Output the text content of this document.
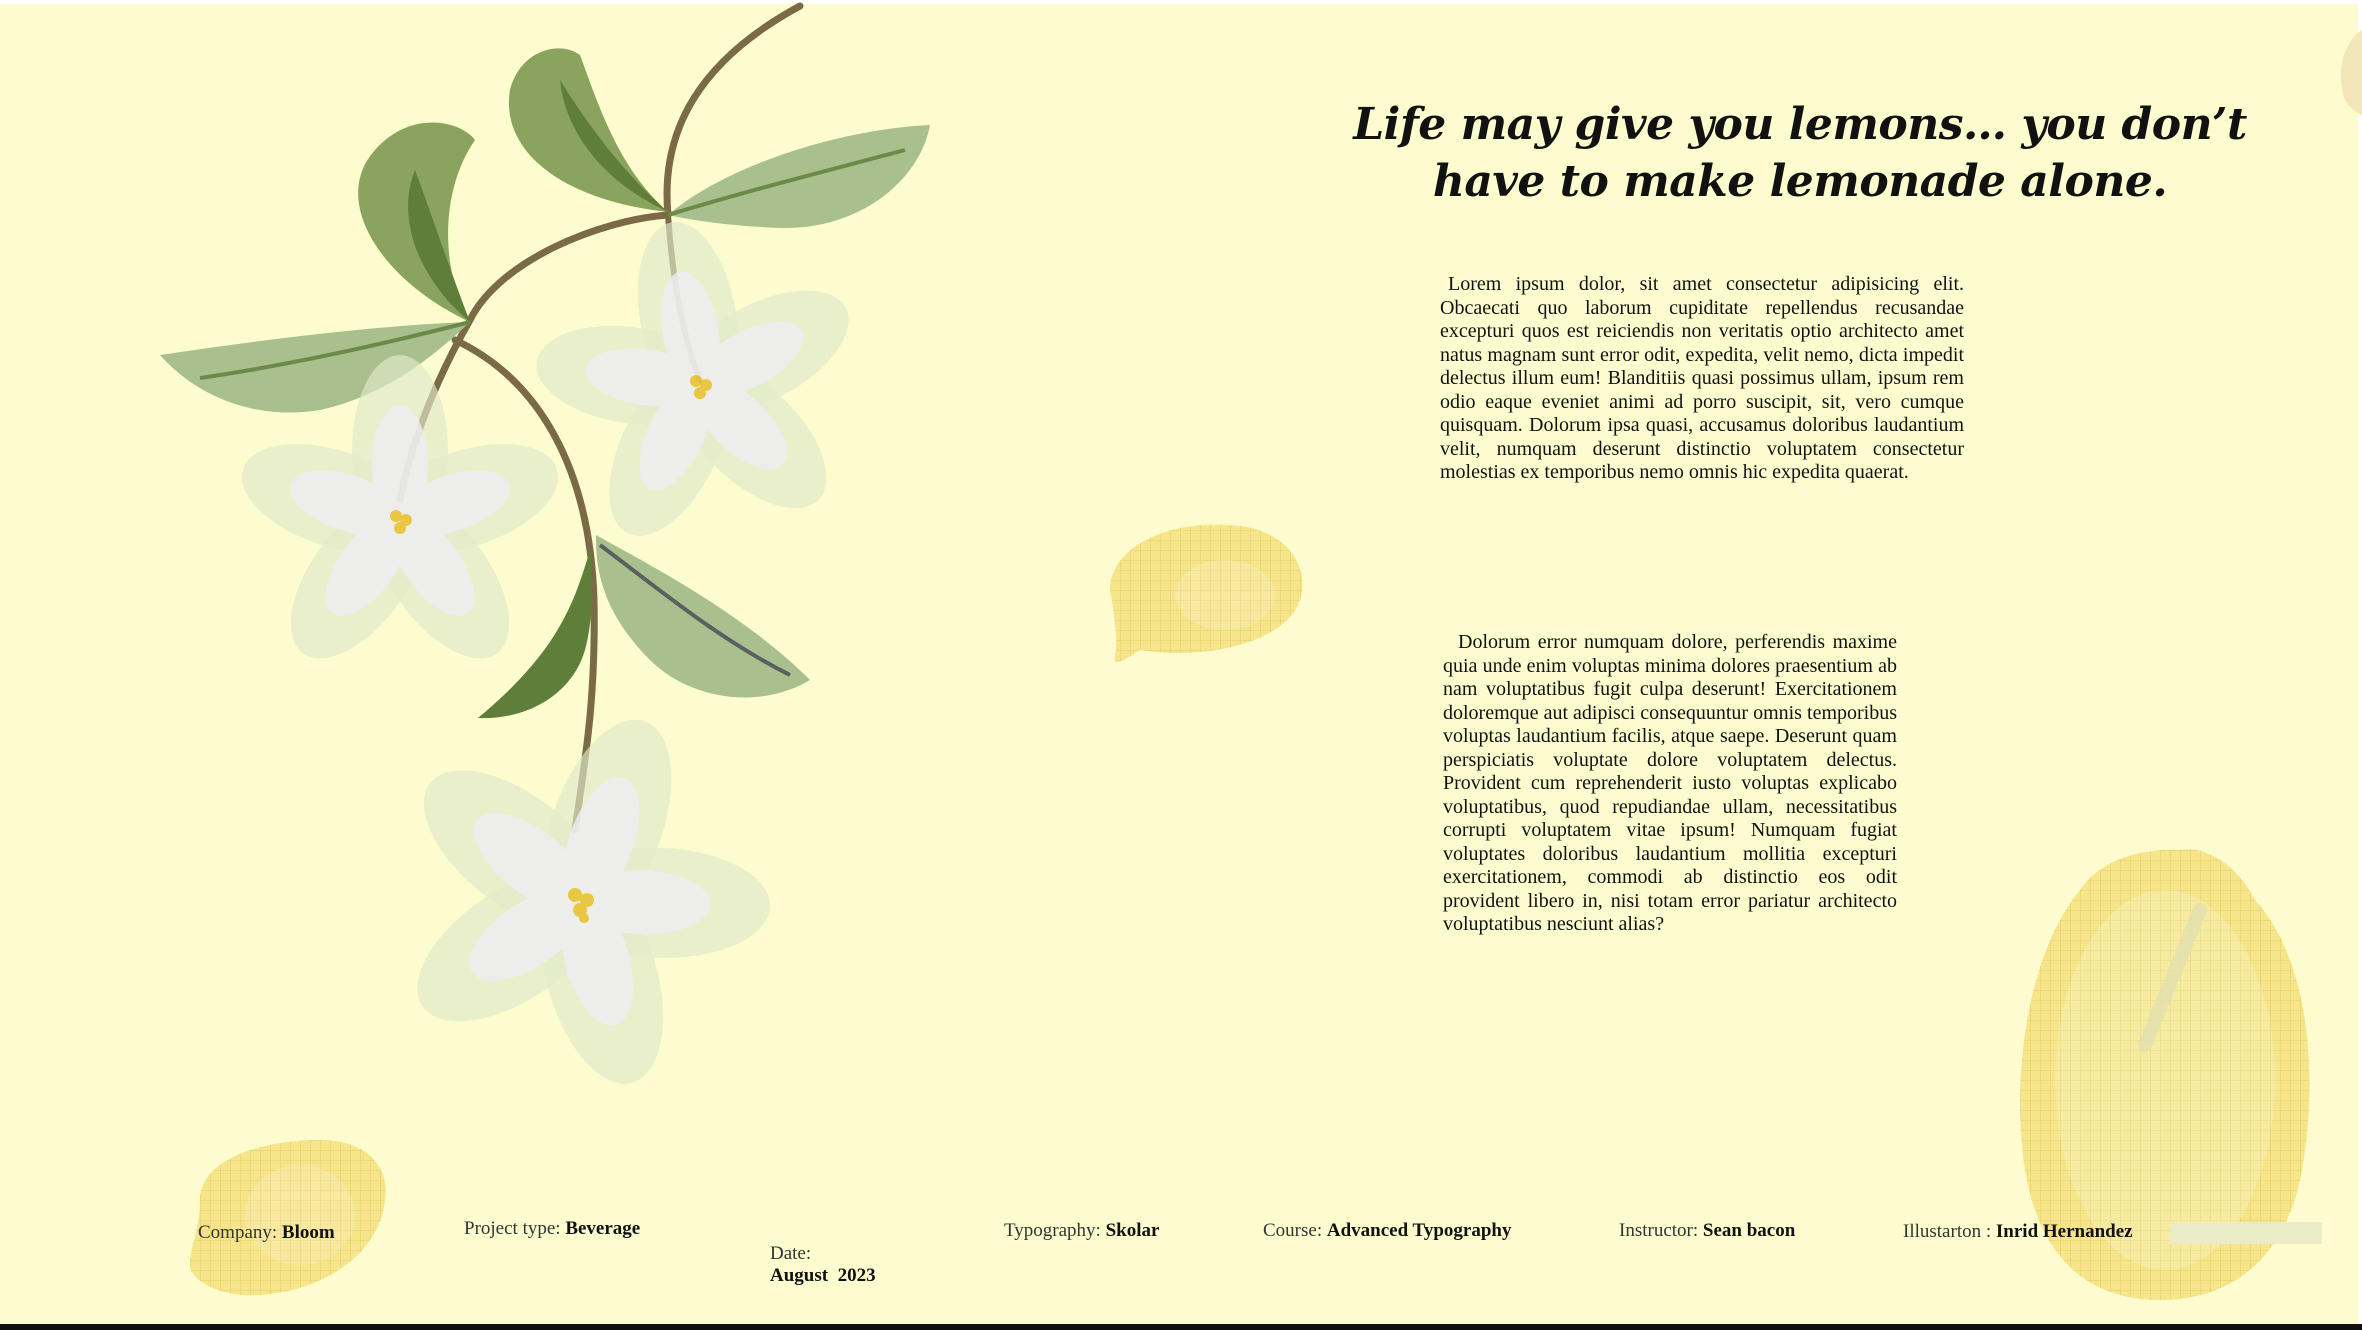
Life may give you lemons… you don’t have to make lemonade alone.

Lorem ipsum dolor, sit amet consectetur adipisicing elit. Obcaecati quo laborum cupiditate repellendus recusandae excepturi quos est reiciendis non veritatis optio architecto amet natus magnam sunt error odit, expedita, velit nemo, dicta impedit delectus illum eum! Blanditiis quasi possimus ullam, ipsum rem odio eaque eveniet animi ad porro suscipit, sit, vero cumque quisquam. Dolorum ipsa quasi, accusamus doloribus laudantium velit, numquam deserunt distinctio voluptatem consectetur molestias ex temporibus nemo omnis hic expedita quaerat.

Dolorum error numquam dolore, perferendis maxime quia unde enim voluptas minima dolores praesentium ab nam voluptatibus fugit culpa deserunt! Exercitationem doloremque aut adipisci consequuntur omnis temporibus voluptas laudantium facilis, atque saepe. Deserunt quam perspiciatis voluptate dolore voluptatem delectus. Provident cum reprehenderit iusto voluptas explicabo voluptatibus, quod repudiandae ullam, necessitatibus corrupti voluptatem vitae ipsum! Numquam fugiat voluptates doloribus laudantium mollitia excepturi exercitationem, commodi ab distinctio eos odit provident libero in, nisi totam error pariatur architecto voluptatibus nesciunt alias?

Company: Bloom	Project type: Beverage

Date:
August  2023

Typography: Skolar	Course: Advanced Typography	Instructor: Sean bacon	Illustarton : Inrid Hernandez
